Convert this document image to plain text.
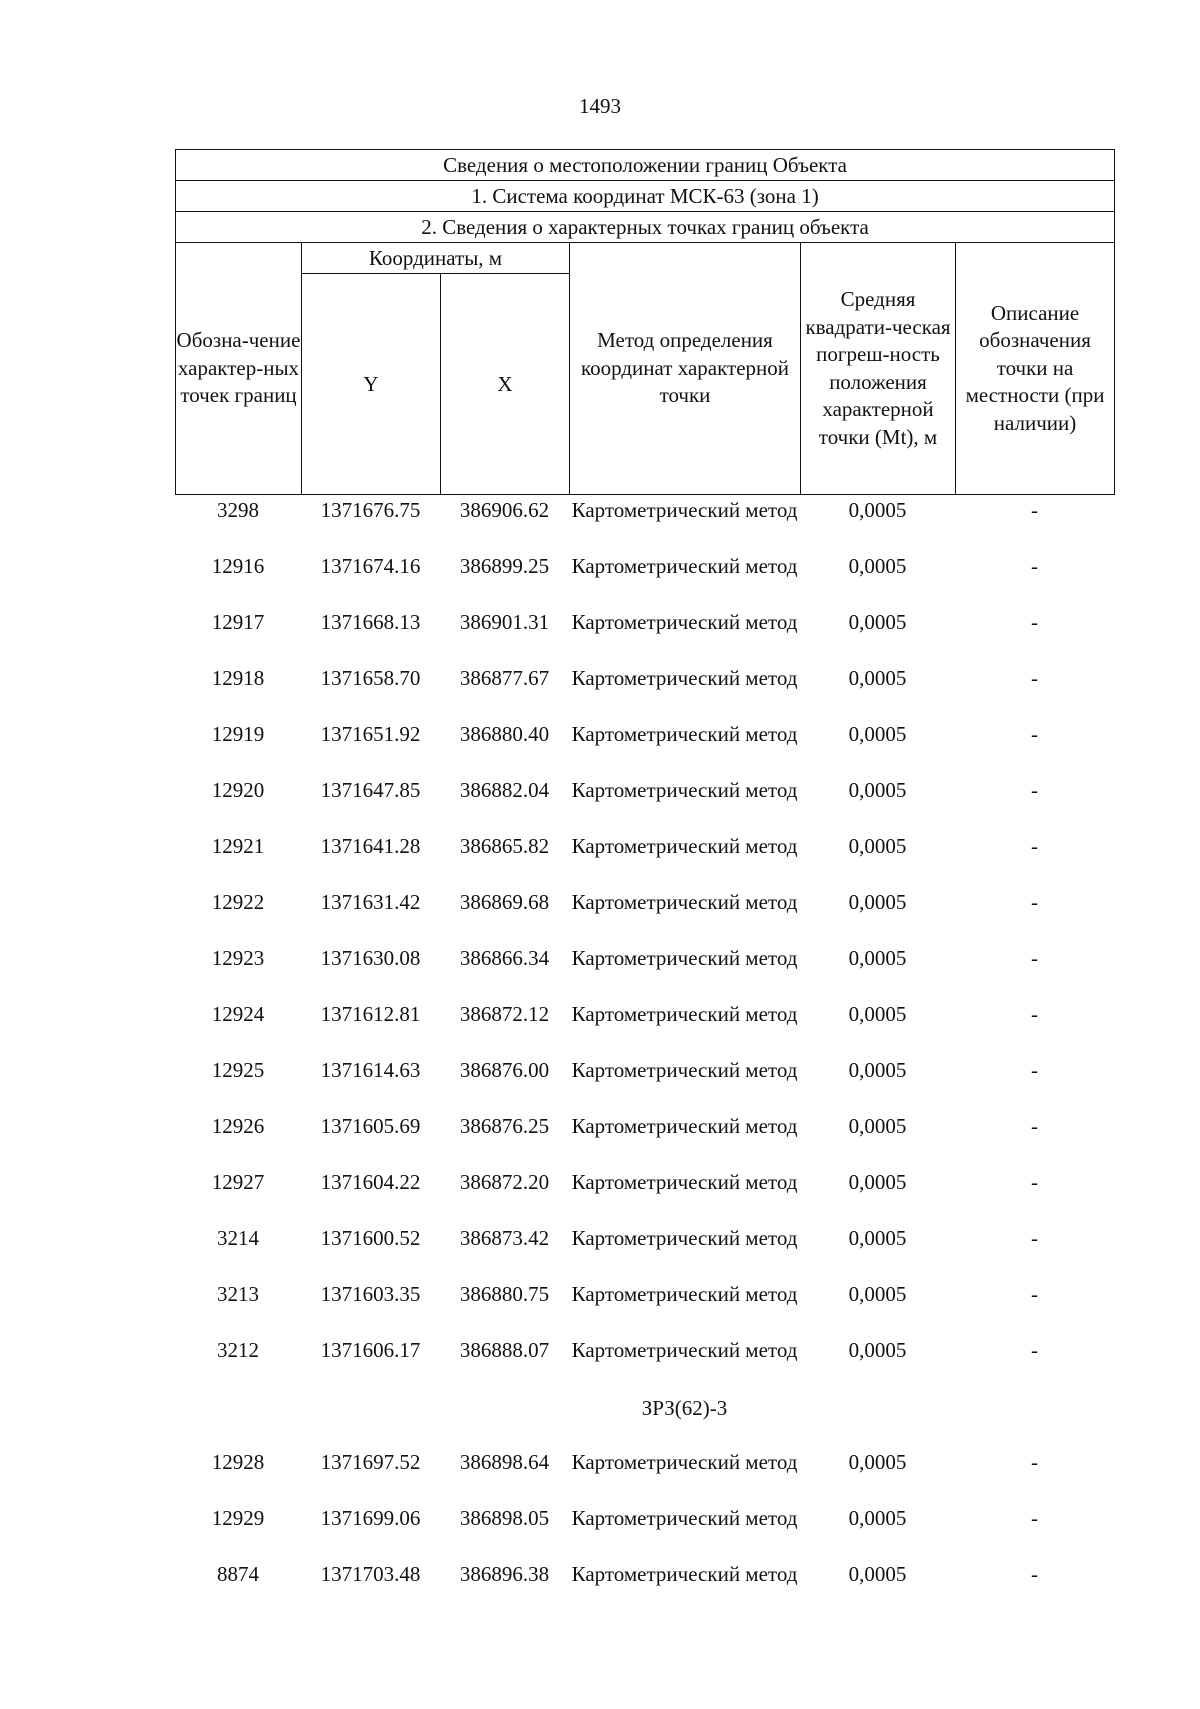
1493
Сведения о местоположении границ Объекта					
1. Система координат МСК-63 (зона 1)					
2. Сведения о характерных точках границ объекта					
Обозна-чение характер-ных точек границ	Координаты, м		Метод определения координат характерной точки	Средняя квадрати-ческая погреш-ность положения характерной точки (Mt), м	Описание обозначения точки на местности (при наличии)
	Y	X			
3298	1371676.75	386906.62	Картометрический метод	0,0005	-
12916	1371674.16	386899.25	Картометрический метод	0,0005	-
12917	1371668.13	386901.31	Картометрический метод	0,0005	-
12918	1371658.70	386877.67	Картометрический метод	0,0005	-
12919	1371651.92	386880.40	Картометрический метод	0,0005	-
12920	1371647.85	386882.04	Картометрический метод	0,0005	-
12921	1371641.28	386865.82	Картометрический метод	0,0005	-
12922	1371631.42	386869.68	Картометрический метод	0,0005	-
12923	1371630.08	386866.34	Картометрический метод	0,0005	-
12924	1371612.81	386872.12	Картометрический метод	0,0005	-
12925	1371614.63	386876.00	Картометрический метод	0,0005	-
12926	1371605.69	386876.25	Картометрический метод	0,0005	-
12927	1371604.22	386872.20	Картометрический метод	0,0005	-
3214	1371600.52	386873.42	Картометрический метод	0,0005	-
3213	1371603.35	386880.75	Картометрический метод	0,0005	-
3212	1371606.17	386888.07	Картометрический метод	0,0005	-
ЗРЗ(62)-3
12928	1371697.52	386898.64	Картометрический метод	0,0005	-
12929	1371699.06	386898.05	Картометрический метод	0,0005	-
8874	1371703.48	386896.38	Картометрический метод	0,0005	-
